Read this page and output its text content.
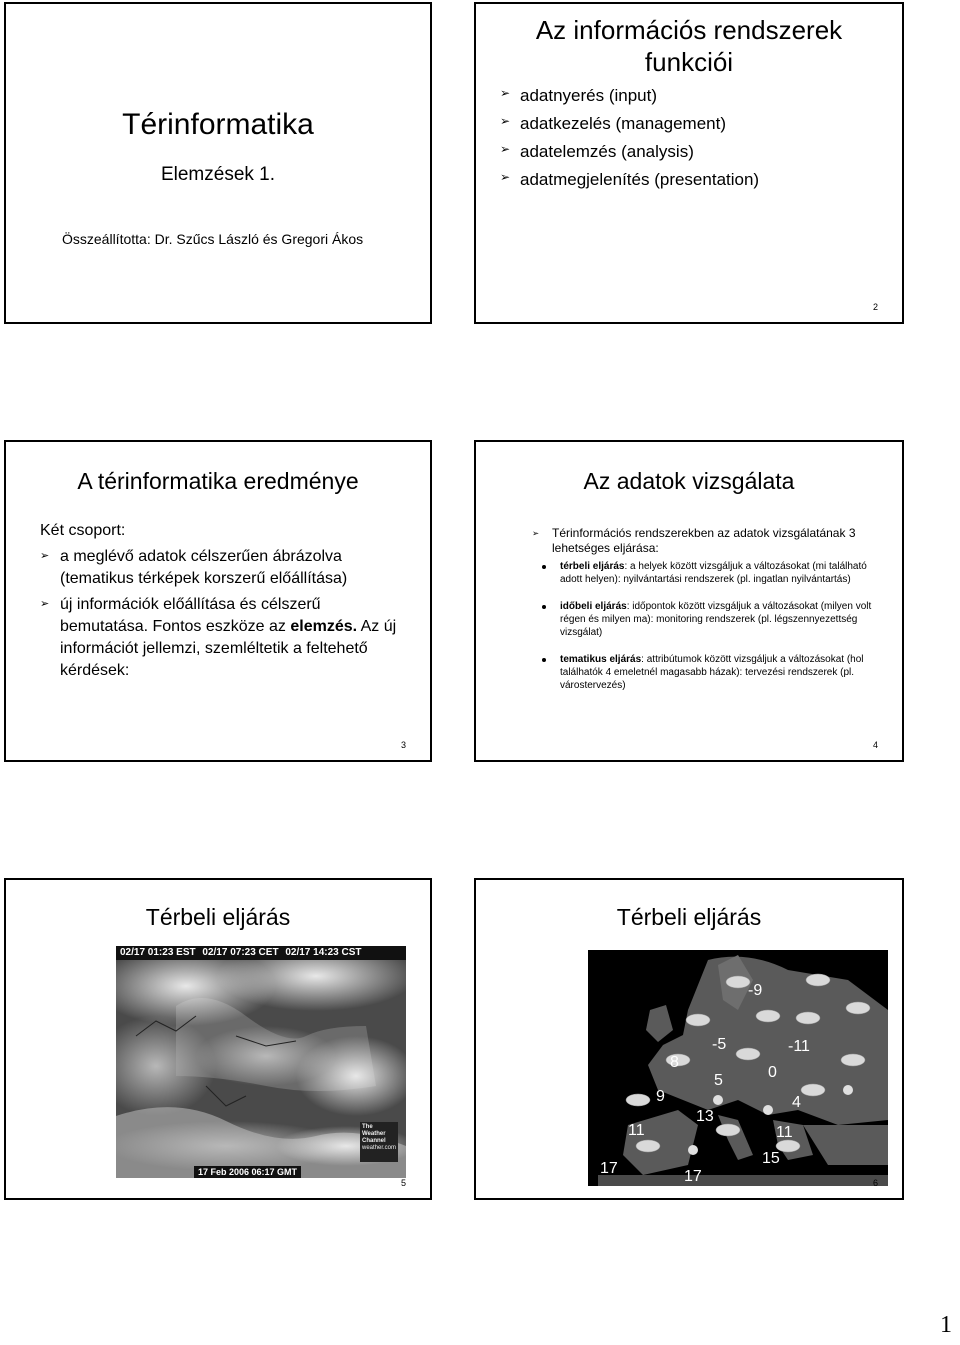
Térinformatika
Elemzések 1.
Összeállította: Dr. Szűcs László és Gregori Ákos
Az információs rendszerek
funkciói
➢ adatnyerés (input)
➢ adatkezelés (management)
➢ adatelemzés (analysis)
➢ adatmegjelenítés (presentation)
2
A térinformatika eredménye
Két csoport:
➢ a meglévő adatok célszerűen ábrázolva (tematikus térképek korszerű előállítása)
➢ új információk előállítása és célszerű bemutatása. Fontos eszköze az elemzés. Az új információt jellemzi, szemléltetik a feltehető kérdések:
3
Az adatok vizsgálata
➢ Térinformációs rendszerekben az adatok vizsgálatának 3 lehetséges eljárása:
térbeli eljárás: a helyek között vizsgáljuk a változásokat (mi található adott helyen): nyilvántartási rendszerek (pl. ingatlan nyilvántartás)
időbeli eljárás: időpontok között vizsgáljuk a változásokat (milyen volt régen és milyen ma): monitoring rendszerek (pl. légszennyezettség vizsgálat)
tematikus eljárás: attribútumok között vizsgáljuk a változásokat (hol találhatók 4 emeletnél magasabb házak): tervezési rendszerek (pl. várostervezés)
4
Térbeli eljárás
02/17 01:23 EST 02/17 07:23 CET 02/17 14:23 CST
The
Weather
Channel
weather.com
17 Feb 2006 06:17 GMT
5
Térbeli eljárás
-9
-5	-11
8
5	0
9	4
13
11	11
15
17	17	6
1
